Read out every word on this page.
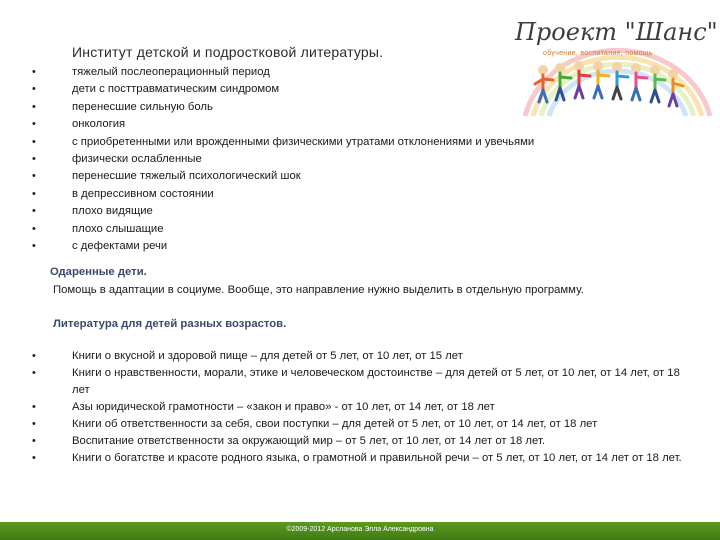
Институт детской и подростковой литературы.
Проект "Шанс"
обучение, воспитание, помощь
• тяжелый послеоперационный период
• дети с посттравматическим синдромом
• перенесшие сильную боль
• онкология
• с приобретенными или врожденными физическими утратами отклонениями и увечьями
• физически ослабленные
• перенесшие тяжелый психологический шок
• в депрессивном состоянии
• плохо видящие
• плохо слышащие
• с дефектами речи
Одаренные дети.
Помощь в адаптации в социуме. Вообще, это направление нужно выделить в отдельную программу.
Литература для детей разных возрастов.
• Книги о вкусной и здоровой пище – для детей от 5 лет, от 10 лет, от 15 лет
• Книги о нравственности, морали, этике и человеческом достоинстве – для детей от 5 лет, от 10 лет, от 14 лет, от 18 лет
• Азы юридической грамотности – «закон и право» - от 10 лет, от 14 лет, от 18 лет
• Книги об ответственности за себя, свои поступки – для детей от 5 лет, от 10 лет, от 14 лет, от 18 лет
• Воспитание ответственности за окружающий мир – от 5 лет, от 10 лет, от 14 лет от 18 лет.
• Книги о богатстве и красоте родного языка, о грамотной и правильной речи – от 5 лет, от 10 лет, от 14 лет от 18 лет.
©2009-2012 Арсланова Элла Александровна
